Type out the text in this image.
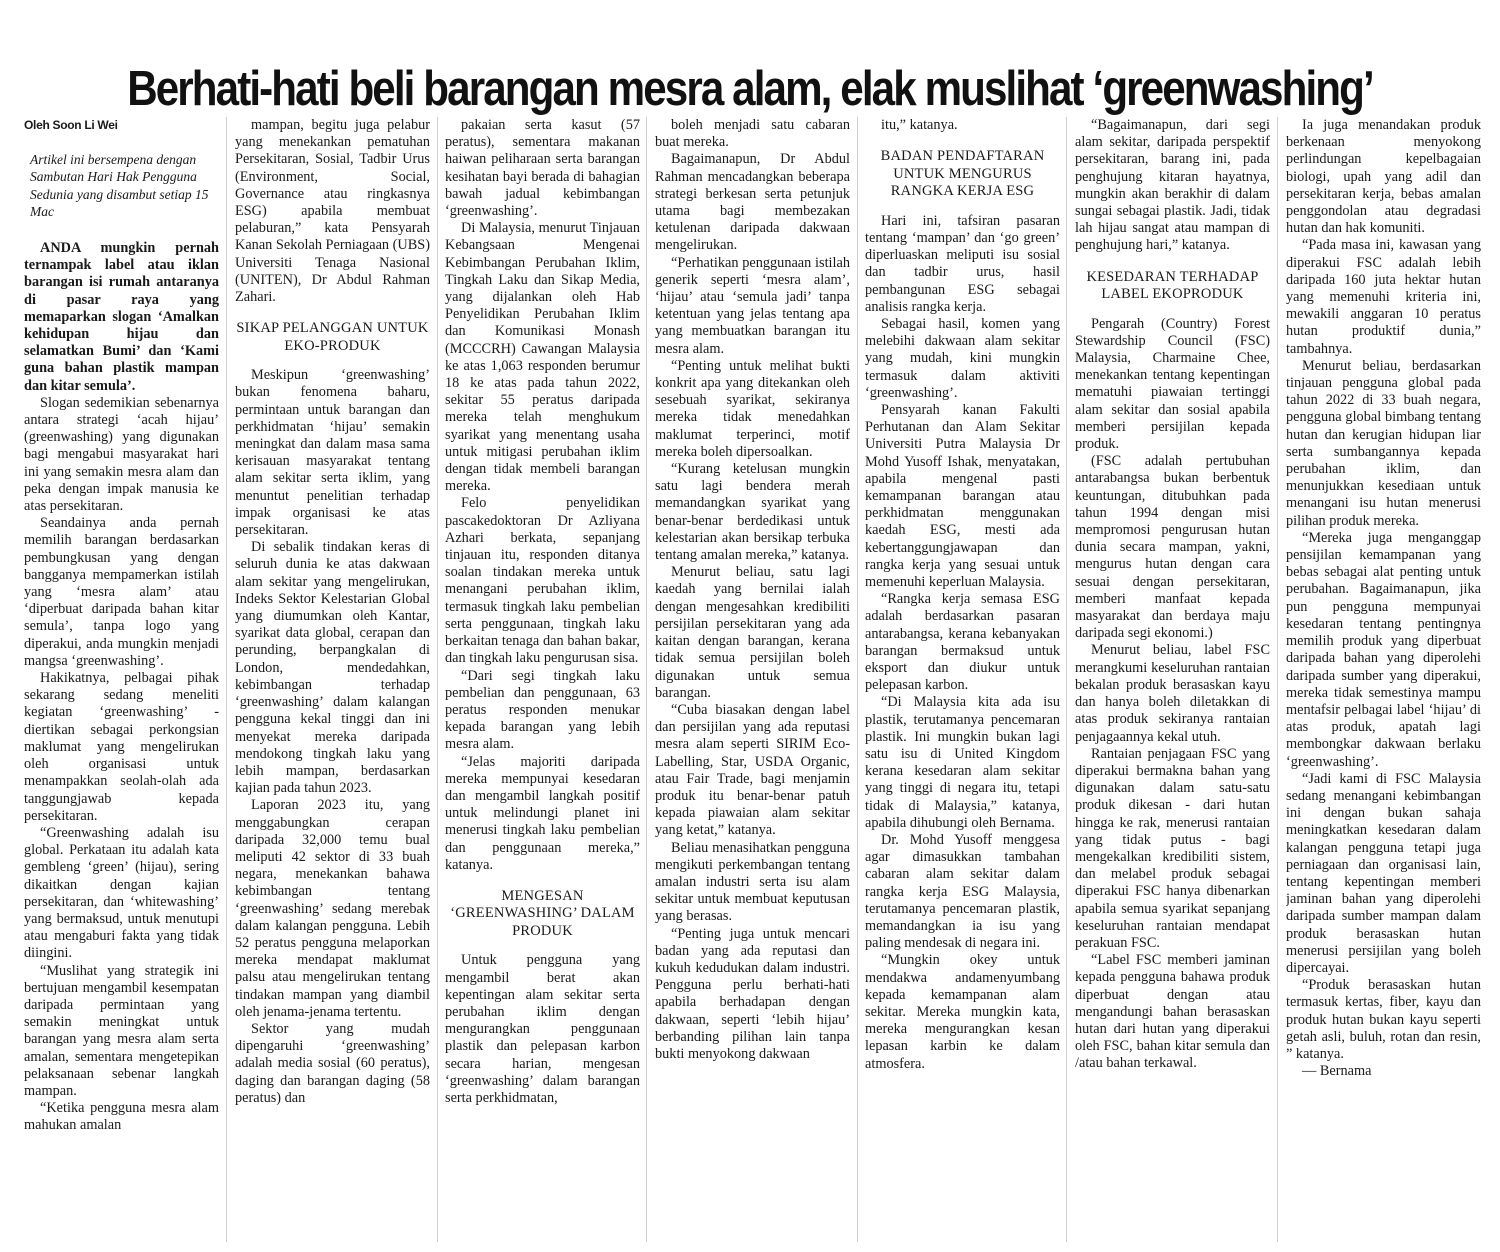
Berhati-hati beli barangan mesra alam, elak muslihat ‘greenwashing’
Oleh Soon Li Wei
Artikel ini bersempena dengan Sambutan Hari Hak Pengguna Sedunia yang disambut setiap 15 Mac

ANDA mungkin pernah ternampak label atau iklan barangan isi rumah antaranya di pasar raya yang memaparkan slogan ‘Amalkan kehidupan hijau dan selamatkan Bumi’ dan ‘Kami guna bahan plastik mampan dan kitar semula’.

Slogan sedemikian sebenarnya antara strategi ‘acah hijau’ (greenwashing) yang digunakan bagi mengabui masyarakat hari ini yang semakin mesra alam dan peka dengan impak manusia ke atas persekitaran.

Seandainya anda pernah memilih barangan berdasarkan pembungkusan yang dengan bangganya mempamerkan istilah yang ‘mesra alam’ atau ‘diperbuat daripada bahan kitar semula’, tanpa logo yang diperakui, anda mungkin menjadi mangsa ‘greenwashing’.

Hakikatnya, pelbagai pihak sekarang sedang meneliti kegiatan ‘greenwashing’ - diertikan sebagai perkongsian maklumat yang mengelirukan oleh organisasi untuk menampakkan seolah-olah ada tanggungjawab kepada persekitaran.

“Greenwashing adalah isu global. Perkataan itu adalah kata gembleng ‘green’ (hijau), sering dikaitkan dengan kajian persekitaran, dan ‘whitewashing’ yang bermaksud, untuk menutupi atau mengaburi fakta yang tidak diingini.

“Muslihat yang strategik ini bertujuan mengambil kesempatan daripada permintaan yang semakin meningkat untuk barangan yang mesra alam serta amalan, sementara mengetepikan pelaksanaan sebenar langkah mampan.

“Ketika pengguna mesra alam mahukan amalan

mampan, begitu juga pelabur yang menekankan pematuhan Persekitaran, Sosial, Tadbir Urus (Environment, Social, Governance atau ringkasnya ESG) apabila membuat pelaburan,” kata Pensyarah Kanan Sekolah Perniagaan (UBS) Universiti Tenaga Nasional (UNITEN), Dr Abdul Rahman Zahari.

SIKAP PELANGGAN UNTUK EKO-PRODUK

Meskipun ‘greenwashing’ bukan fenomena baharu, permintaan untuk barangan dan perkhidmatan ‘hijau’ semakin meningkat dan dalam masa sama kerisauan masyarakat tentang alam sekitar serta iklim, yang menuntut penelitian terhadap impak organisasi ke atas persekitaran.

Di sebalik tindakan keras di seluruh dunia ke atas dakwaan alam sekitar yang mengelirukan, Indeks Sektor Kelestarian Global yang diumumkan oleh Kantar, syarikat data global, cerapan dan perunding, berpangkalan di London, mendedahkan, kebimbangan terhadap ‘greenwashing’ dalam kalangan pengguna kekal tinggi dan ini menyekat mereka daripada mendokong tingkah laku yang lebih mampan, berdasarkan kajian pada tahun 2023.

Laporan 2023 itu, yang menggabungkan cerapan daripada 32,000 temu bual meliputi 42 sektor di 33 buah negara, menekankan bahawa kebimbangan tentang ‘greenwashing’ sedang merebak dalam kalangan pengguna. Lebih 52 peratus pengguna melaporkan mereka mendapat maklumat palsu atau mengelirukan tentang tindakan mampan yang diambil oleh jenama-jenama tertentu.

Sektor yang mudah dipengaruhi ‘greenwashing’ adalah media sosial (60 peratus), daging dan barangan daging (58 peratus) dan

pakaian serta kasut (57 peratus), sementara makanan haiwan peliharaan serta barangan kesihatan bayi berada di bahagian bawah jadual kebimbangan ‘greenwashing’.

Di Malaysia, menurut Tinjauan Kebangsaan Mengenai Kebimbangan Perubahan Iklim, Tingkah Laku dan Sikap Media, yang dijalankan oleh Hab Penyelidikan Perubahan Iklim dan Komunikasi Monash (MCCCRH) Cawangan Malaysia ke atas 1,063 responden berumur 18 ke atas pada tahun 2022, sekitar 55 peratus daripada mereka telah menghukum syarikat yang menentang usaha untuk mitigasi perubahan iklim dengan tidak membeli barangan mereka.

Felo penyelidikan pascakedoktoran Dr Azliyana Azhari berkata, sepanjang tinjauan itu, responden ditanya soalan tindakan mereka untuk menangani perubahan iklim, termasuk tingkah laku pembelian serta penggunaan, tingkah laku berkaitan tenaga dan bahan bakar, dan tingkah laku pengurusan sisa.

“Dari segi tingkah laku pembelian dan penggunaan, 63 peratus responden menukar kepada barangan yang lebih mesra alam.

“Jelas majoriti daripada mereka mempunyai kesedaran dan mengambil langkah positif untuk melindungi planet ini menerusi tingkah laku pembelian dan penggunaan mereka,” katanya.

MENGESAN ‘GREENWASHING’ DALAM PRODUK

Untuk pengguna yang mengambil berat akan kepentingan alam sekitar serta perubahan iklim dengan mengurangkan penggunaan plastik dan pelepasan karbon secara harian, mengesan ‘greenwashing’ dalam barangan serta perkhidmatan,

boleh menjadi satu cabaran buat mereka.

Bagaimanapun, Dr Abdul Rahman mencadangkan beberapa strategi berkesan serta petunjuk utama bagi membezakan ketulenan daripada dakwaan mengelirukan.

“Perhatikan penggunaan istilah generik seperti ‘mesra alam’, ‘hijau’ atau ‘semula jadi’ tanpa ketentuan yang jelas tentang apa yang membuatkan barangan itu mesra alam.

“Penting untuk melihat bukti konkrit apa yang ditekankan oleh sesebuah syarikat, sekiranya mereka tidak menedahkan maklumat terperinci, motif mereka boleh dipersoalkan.

“Kurang ketelusan mungkin satu lagi bendera merah memandangkan syarikat yang benar-benar berdedikasi untuk kelestarian akan bersikap terbuka tentang amalan mereka,” katanya.

Menurut beliau, satu lagi kaedah yang bernilai ialah dengan mengesahkan kredibiliti persijilan persekitaran yang ada kaitan dengan barangan, kerana tidak semua persijilan boleh digunakan untuk semua barangan.

“Cuba biasakan dengan label dan persijilan yang ada reputasi mesra alam seperti SIRIM Eco-Labelling, Star, USDA Organic, atau Fair Trade, bagi menjamin produk itu benar-benar patuh kepada piawaian alam sekitar yang ketat,” katanya.

Beliau menasihatkan pengguna mengikuti perkembangan tentang amalan industri serta isu alam sekitar untuk membuat keputusan yang berasas.

“Penting juga untuk mencari badan yang ada reputasi dan kukuh kedudukan dalam industri. Pengguna perlu berhati-hati apabila berhadapan dengan dakwaan, seperti ‘lebih hijau’ berbanding pilihan lain tanpa bukti menyokong dakwaan

itu,” katanya.

BADAN PENDAFTARAN UNTUK MENGURUS RANGKA KERJA ESG

Hari ini, tafsiran pasaran tentang ‘mampan’ dan ‘go green’ diperluaskan meliputi isu sosial dan tadbir urus, hasil pembangunan ESG sebagai analisis rangka kerja.

Sebagai hasil, komen yang melebihi dakwaan alam sekitar yang mudah, kini mungkin termasuk dalam aktiviti ‘greenwashing’.

Pensyarah kanan Fakulti Perhutanan dan Alam Sekitar Universiti Putra Malaysia Dr Mohd Yusoff Ishak, menyatakan, apabila mengenal pasti kemampanan barangan atau perkhidmatan menggunakan kaedah ESG, mesti ada kebertanggungjawapan dan rangka kerja yang sesuai untuk memenuhi keperluan Malaysia.

“Rangka kerja semasa ESG adalah berdasarkan pasaran antarabangsa, kerana kebanyakan barangan bermaksud untuk eksport dan diukur untuk pelepasan karbon.

“Di Malaysia kita ada isu plastik, terutamanya pencemaran plastik. Ini mungkin bukan lagi satu isu di United Kingdom kerana kesedaran alam sekitar yang tinggi di negara itu, tetapi tidak di Malaysia,” katanya, apabila dihubungi oleh Bernama.

Dr. Mohd Yusoff menggesa agar dimasukkan tambahan cabaran alam sekitar dalam rangka kerja ESG Malaysia, terutamanya pencemaran plastik, memandangkan ia isu yang paling mendesak di negara ini.

“Mungkin okey untuk mendakwa andamenyumbang kepada kemampanan alam sekitar. Mereka mungkin kata, mereka mengurangkan kesan lepasan karbin ke dalam atmosfera.

“Bagaimanapun, dari segi alam sekitar, daripada perspektif persekitaran, barang ini, pada penghujung kitaran hayatnya, mungkin akan berakhir di dalam sungai sebagai plastik. Jadi, tidak lah hijau sangat atau mampan di penghujung hari,” katanya.

KESEDARAN TERHADAP LABEL EKOPRODUK

Pengarah (Country) Forest Stewardship Council (FSC) Malaysia, Charmaine Chee, menekankan tentang kepentingan mematuhi piawaian tertinggi alam sekitar dan sosial apabila memberi persijilan kepada produk.

(FSC adalah pertubuhan antarabangsa bukan berbentuk keuntungan, ditubuhkan pada tahun 1994 dengan misi mempromosi pengurusan hutan dunia secara mampan, yakni, mengurus hutan dengan cara sesuai dengan persekitaran, memberi manfaat kepada masyarakat dan berdaya maju daripada segi ekonomi.)

Menurut beliau, label FSC merangkumi keseluruhan rantaian bekalan produk berasaskan kayu dan hanya boleh diletakkan di atas produk sekiranya rantaian penjagaannya kekal utuh.

Rantaian penjagaan FSC yang diperakui bermakna bahan yang digunakan dalam satu-satu produk dikesan - dari hutan hingga ke rak, menerusi rantaian yang tidak putus - bagi mengekalkan kredibiliti sistem, dan melabel produk sebagai diperakui FSC hanya dibenarkan apabila semua syarikat sepanjang keseluruhan rantaian mendapat perakuan FSC.

“Label FSC memberi jaminan kepada pengguna bahawa produk diperbuat dengan atau mengandungi bahan berasaskan hutan dari hutan yang diperakui oleh FSC, bahan kitar semula dan /atau bahan terkawal.

Ia juga menandakan produk berkenaan menyokong perlindungan kepelbagaian biologi, upah yang adil dan persekitaran kerja, bebas amalan penggondolan atau degradasi hutan dan hak komuniti.

“Pada masa ini, kawasan yang diperakui FSC adalah lebih daripada 160 juta hektar hutan yang memenuhi kriteria ini, mewakili anggaran 10 peratus hutan produktif dunia,” tambahnya.

Menurut beliau, berdasarkan tinjauan pengguna global pada tahun 2022 di 33 buah negara, pengguna global bimbang tentang hutan dan kerugian hidupan liar serta sumbangannya kepada perubahan iklim, dan menunjukkan kesediaan untuk menangani isu hutan menerusi pilihan produk mereka.

“Mereka juga menganggap pensijilan kemampanan yang bebas sebagai alat penting untuk perubahan. Bagaimanapun, jika pun pengguna mempunyai kesedaran tentang pentingnya memilih produk yang diperbuat daripada bahan yang diperolehi daripada sumber yang diperakui, mereka tidak semestinya mampu mentafsir pelbagai label ‘hijau’ di atas produk, apatah lagi membongkar dakwaan berlaku ‘greenwashing’.

“Jadi kami di FSC Malaysia sedang menangani kebimbangan ini dengan bukan sahaja meningkatkan kesedaran dalam kalangan pengguna tetapi juga perniagaan dan organisasi lain, tentang kepentingan memberi jaminan bahan yang diperolehi daripada sumber mampan dalam produk berasaskan hutan menerusi persijilan yang boleh dipercayai.

“Produk berasaskan hutan termasuk kertas, fiber, kayu dan produk hutan bukan kayu seperti getah asli, buluh, rotan dan resin, ” katanya.

— Bernama
